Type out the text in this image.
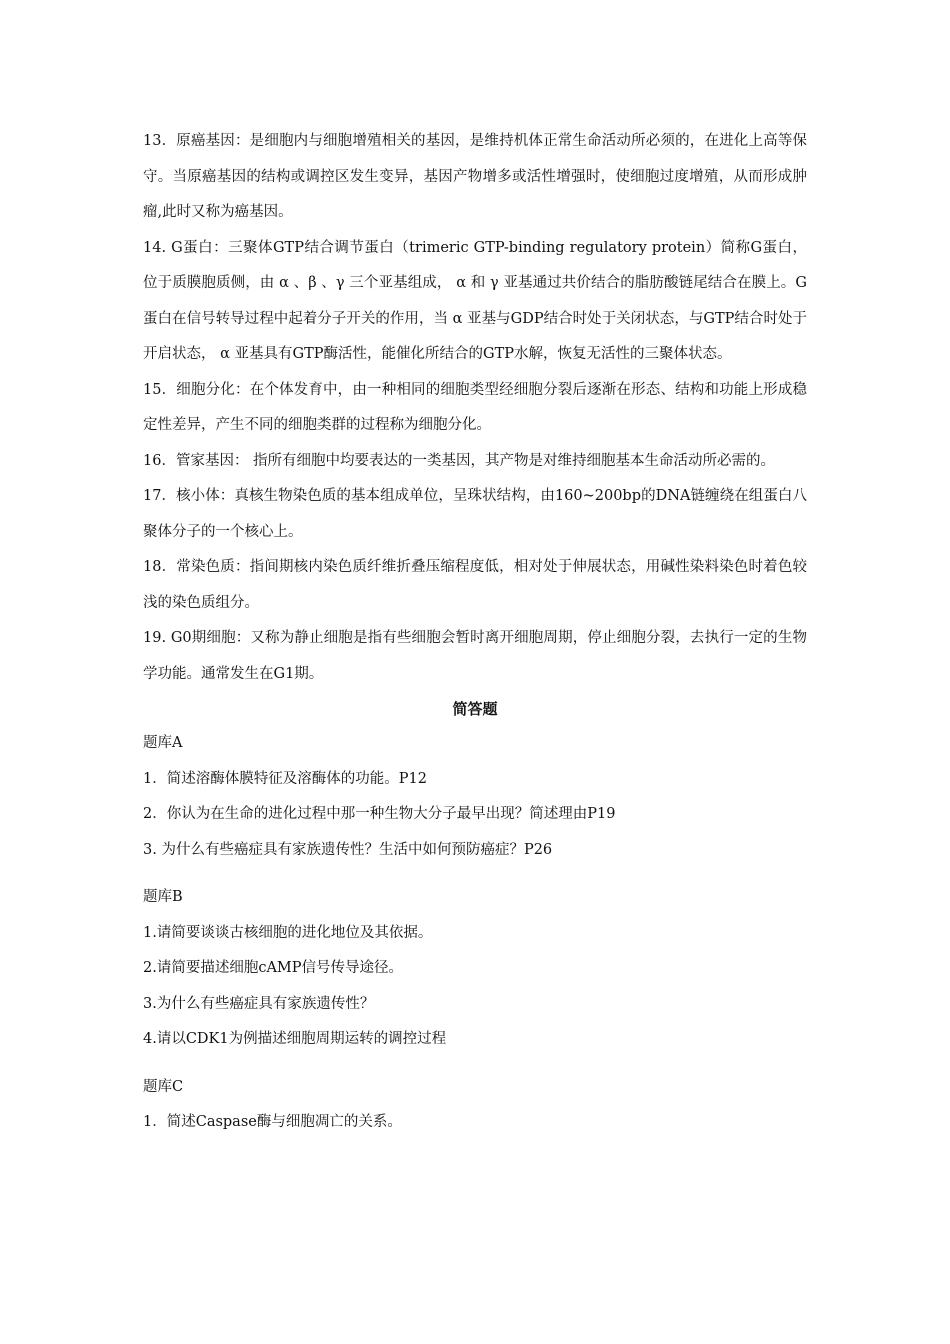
13．原癌基因：是细胞内与细胞增殖相关的基因，是维持机体正常生命活动所必须的，在进化上高等保守。当原癌基因的结构或调控区发生变异，基因产物增多或活性增强时，使细胞过度增殖，从而形成肿瘤,此时又称为癌基因。

14. G蛋白：三聚体GTP结合调节蛋白（trimeric GTP-binding regulatory protein）简称G蛋白，位于质膜胞质侧，由 α 、β 、γ 三个亚基组成， α 和 γ 亚基通过共价结合的脂肪酸链尾结合在膜上。G蛋白在信号转导过程中起着分子开关的作用，当 α 亚基与GDP结合时处于关闭状态，与GTP结合时处于开启状态， α 亚基具有GTP酶活性，能催化所结合的GTP水解，恢复无活性的三聚体状态。

15．细胞分化：在个体发育中，由一种相同的细胞类型经细胞分裂后逐渐在形态、结构和功能上形成稳定性差异，产生不同的细胞类群的过程称为细胞分化。

16．管家基因： 指所有细胞中均要表达的一类基因，其产物是对维持细胞基本生命活动所必需的。

17．核小体：真核生物染色质的基本组成单位，呈珠状结构，由160~200bp的DNA链缠绕在组蛋白八聚体分子的一个核心上。

18．常染色质：指间期核内染色质纤维折叠压缩程度低，相对处于伸展状态，用碱性染料染色时着色较浅的染色质组分。

19. G0期细胞：又称为静止细胞是指有些细胞会暂时离开细胞周期，停止细胞分裂，去执行一定的生物学功能。通常发生在G1期。

简答题

题库A

1．简述溶酶体膜特征及溶酶体的功能。P12

2．你认为在生命的进化过程中那一种生物大分子最早出现？简述理由P19

3. 为什么有些癌症具有家族遗传性？生活中如何预防癌症？P26

题库B

1.请简要谈谈古核细胞的进化地位及其依据。

2.请简要描述细胞cAMP信号传导途径。

3.为什么有些癌症具有家族遗传性？

4.请以CDK1为例描述细胞周期运转的调控过程

题库C

1．简述Caspase酶与细胞凋亡的关系。
